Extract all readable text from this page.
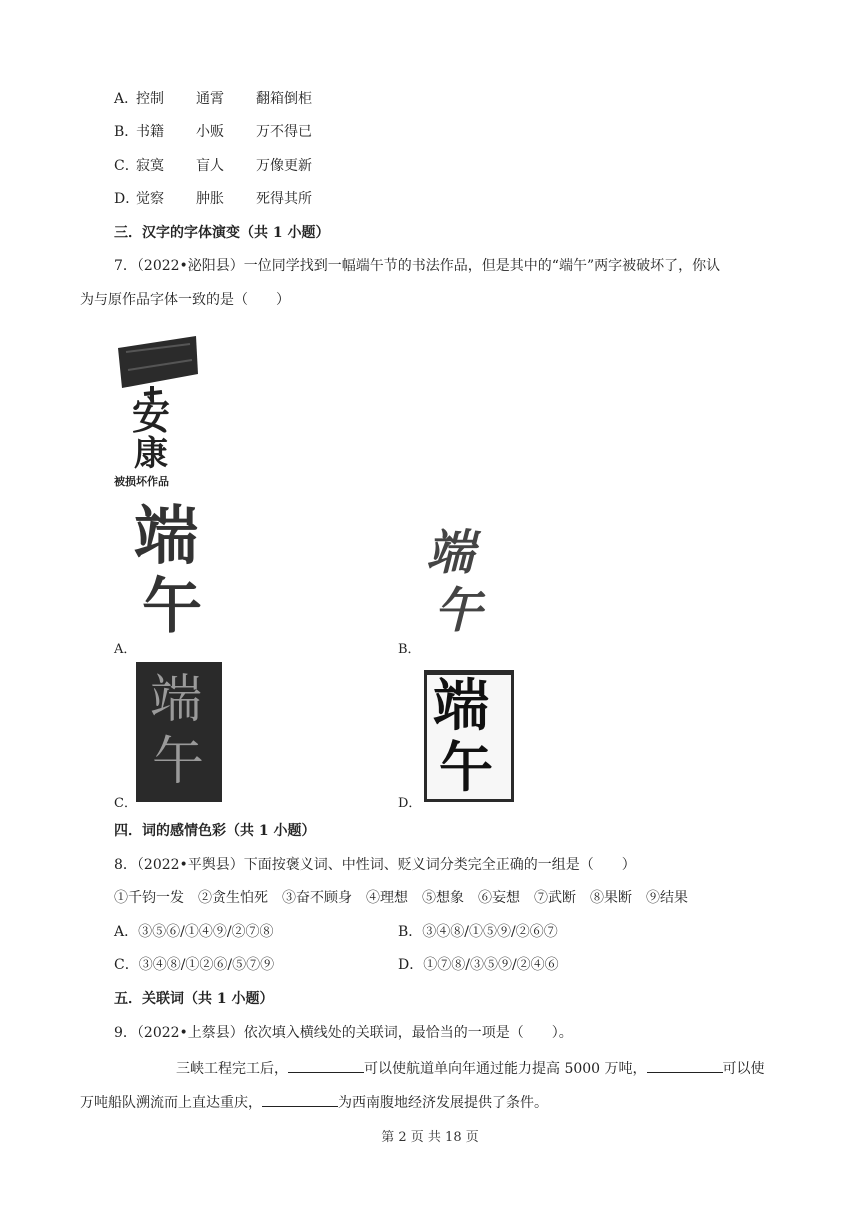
A．控制 通霄 翻箱倒柜
B．书籍 小贩 万不得已
C．寂寞 盲人 万像更新
D．觉察 肿胀 死得其所
三．汉字的字体演变（共 1 小题）
7．（2022•泌阳县）一位同学找到一幅端午节的书法作品，但是其中的“端午”两字被破坏了，你认
为与原作品字体一致的是（　　）
安
康
被损坏作品
端
午
A．
端
午
B．
端
午
C．
端
午
D．
四．词的感情色彩（共 1 小题）
8．（2022•平舆县）下面按褒义词、中性词、贬义词分类完全正确的一组是（　　）
①千钧一发　②贪生怕死　③奋不顾身　④理想　⑤想象　⑥妄想　⑦武断　⑧果断　⑨结果
A．③⑤⑥/①④⑨/②⑦⑧	B．③④⑧/①⑤⑨/②⑥⑦
C．③④⑧/①②⑥/⑤⑦⑨	D．①⑦⑧/③⑤⑨/②④⑥
五．关联词（共 1 小题）
9．（2022•上蔡县）依次填入横线处的关联词，最恰当的一项是（　　）。
三峡工程完工后，	可以使航道单向年通过能力提高 5000 万吨，	可以使
万吨船队溯流而上直达重庆，	为西南腹地经济发展提供了条件。
第 2 页 共 18 页
